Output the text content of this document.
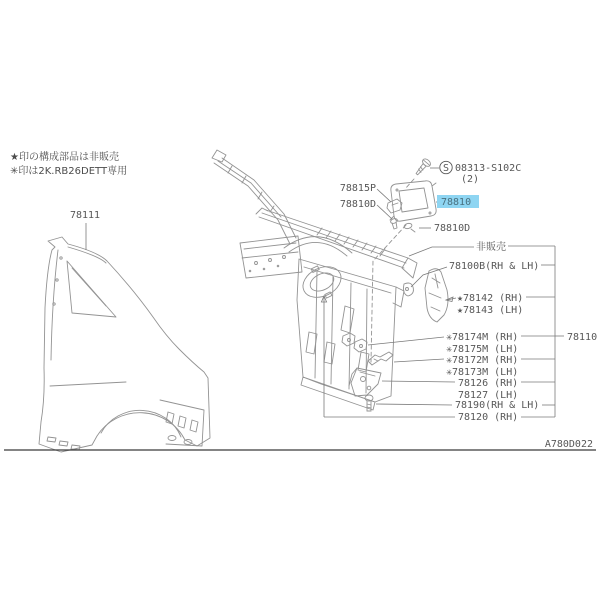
★印の構成部品は非販売
✳印は2K.RB26DETT専用
78111
S 08313-S102C
(2)
78815P
78810D	78810
78810D
非販売
78100B(RH & LH)
★78142 (RH)
★78143 (LH)
✳78174M (RH)
✳78175M (LH)
✳78172M (RH)
✳78173M (LH)
78126 (RH)
78127 (LH)
78190(RH & LH)
78120 (RH)
78110
A780D022
